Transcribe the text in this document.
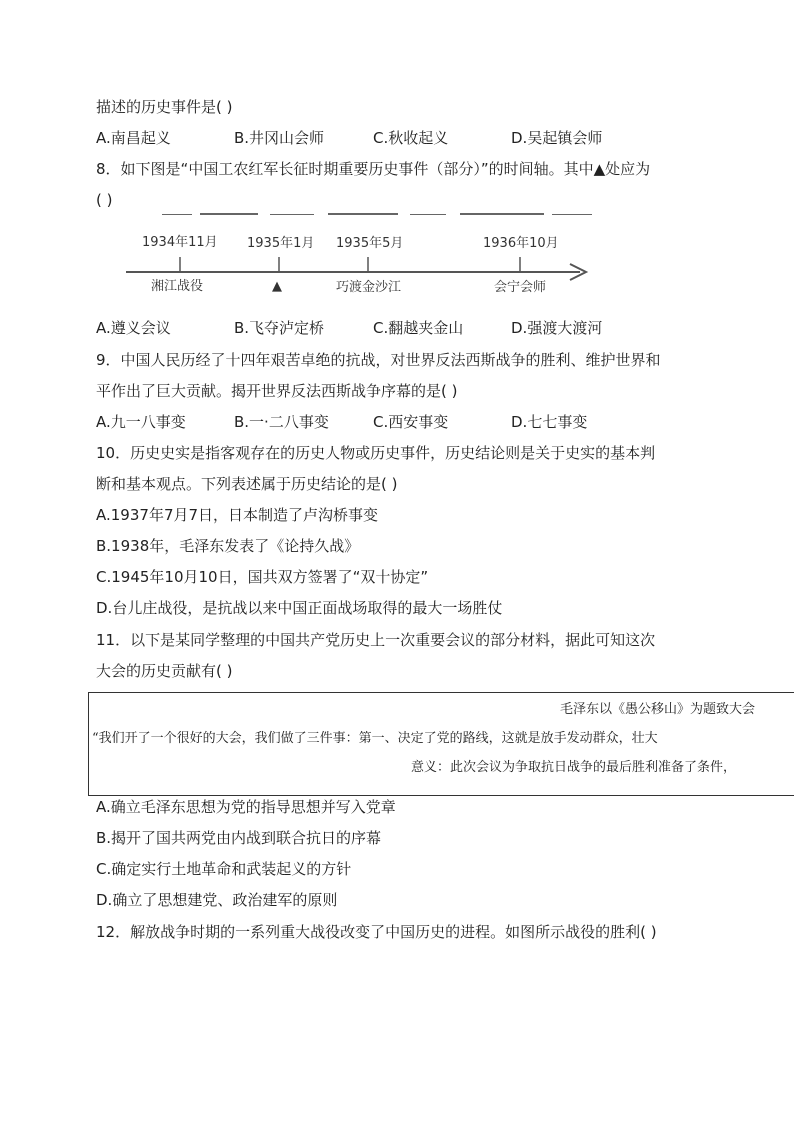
描述的历史事件是( )
A.南昌起义	B.井冈山会师	C.秋收起义	D.吴起镇会师
8．如下图是“中国工农红军长征时期重要历史事件（部分）”的时间轴。其中▲处应为
( )
1934年11月 1935年1月 1935年5月	1936年10月
湘江战役	▲	巧渡金沙江	会宁会师
A.遵义会议	B.飞夺泸定桥	C.翻越夹金山	D.强渡大渡河
9．中国人民历经了十四年艰苦卓绝的抗战，对世界反法西斯战争的胜利、维护世界和
平作出了巨大贡献。揭开世界反法西斯战争序幕的是( )
A.九一八事变	B.一·二八事变	C.西安事变	D.七七事变
10．历史史实是指客观存在的历史人物或历史事件，历史结论则是关于史实的基本判
断和基本观点。下列表述属于历史结论的是( )
A.1937年7月7日，日本制造了卢沟桥事变
B.1938年，毛泽东发表了《论持久战》
C.1945年10月10日，国共双方签署了“双十协定”
D.台儿庄战役，是抗战以来中国正面战场取得的最大一场胜仗
11．以下是某同学整理的中国共产党历史上一次重要会议的部分材料，据此可知这次
大会的历史贡献有( )
毛泽东以《愚公移山》为题致大会
“我们开了一个很好的大会，我们做了三件事：第一、决定了党的路线，这就是放手发动群众，壮大
意义：此次会议为争取抗日战争的最后胜利准备了条件，
A.确立毛泽东思想为党的指导思想并写入党章
B.揭开了国共两党由内战到联合抗日的序幕
C.确定实行土地革命和武装起义的方针
D.确立了思想建党、政治建军的原则
12．解放战争时期的一系列重大战役改变了中国历史的进程。如图所示战役的胜利( )
